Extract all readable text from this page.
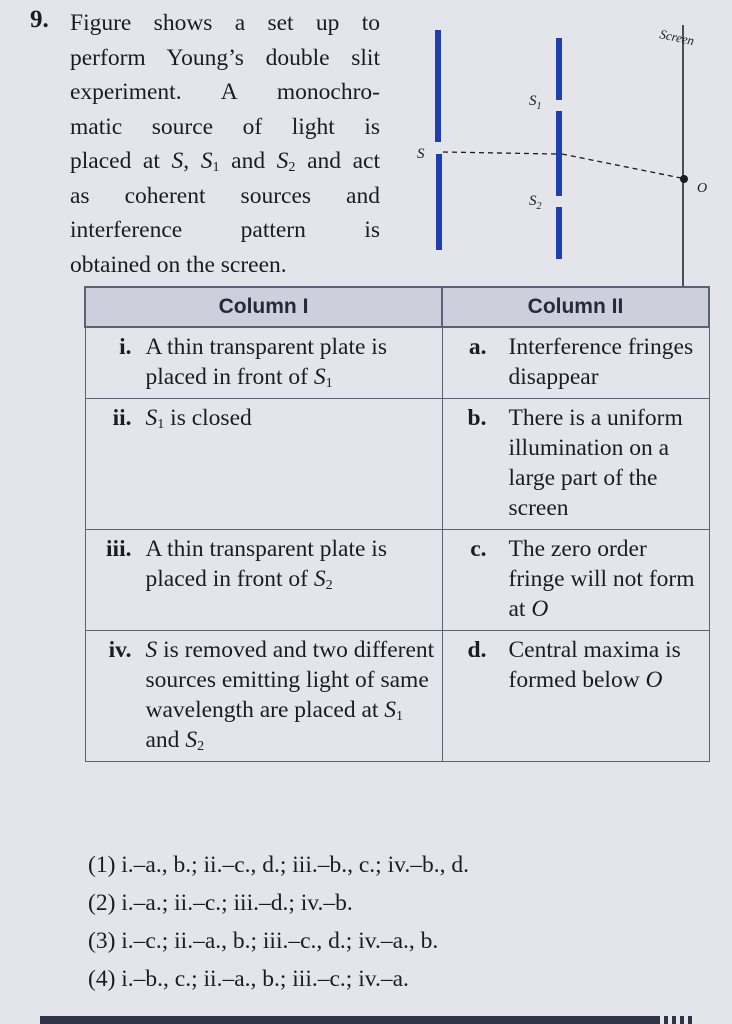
9. Figure shows a set up to
perform Young’s double slit
experiment. A monochro-
matic source of light is
placed at S, $S_1$ and $S_2$ and act
as coherent sources and
interference pattern is
obtained on the screen.
Screen
S
$S_1$
$S_2$
O
Column I	Column II

i. A thin transparent plate is placed in front of $S_1$	a. Interference fringes disappear

ii. $S_1$ is closed	b. There is a uniform illumination on a large part of the screen

iii. A thin transparent plate is placed in front of $S_2$	c. The zero order fringe will not form at O

iv. S is removed and two different sources emitting light of same wavelength are placed at $S_1$ and $S_2$	d. Central maxima is formed below O
(1) i.–a., b.; ii.–c., d.; iii.–b., c.; iv.–b., d.
(2) i.–a.; ii.–c.; iii.–d.; iv.–b.
(3) i.–c.; ii.–a., b.; iii.–c., d.; iv.–a., b.
(4) i.–b., c.; ii.–a., b.; iii.–c.; iv.–a.
